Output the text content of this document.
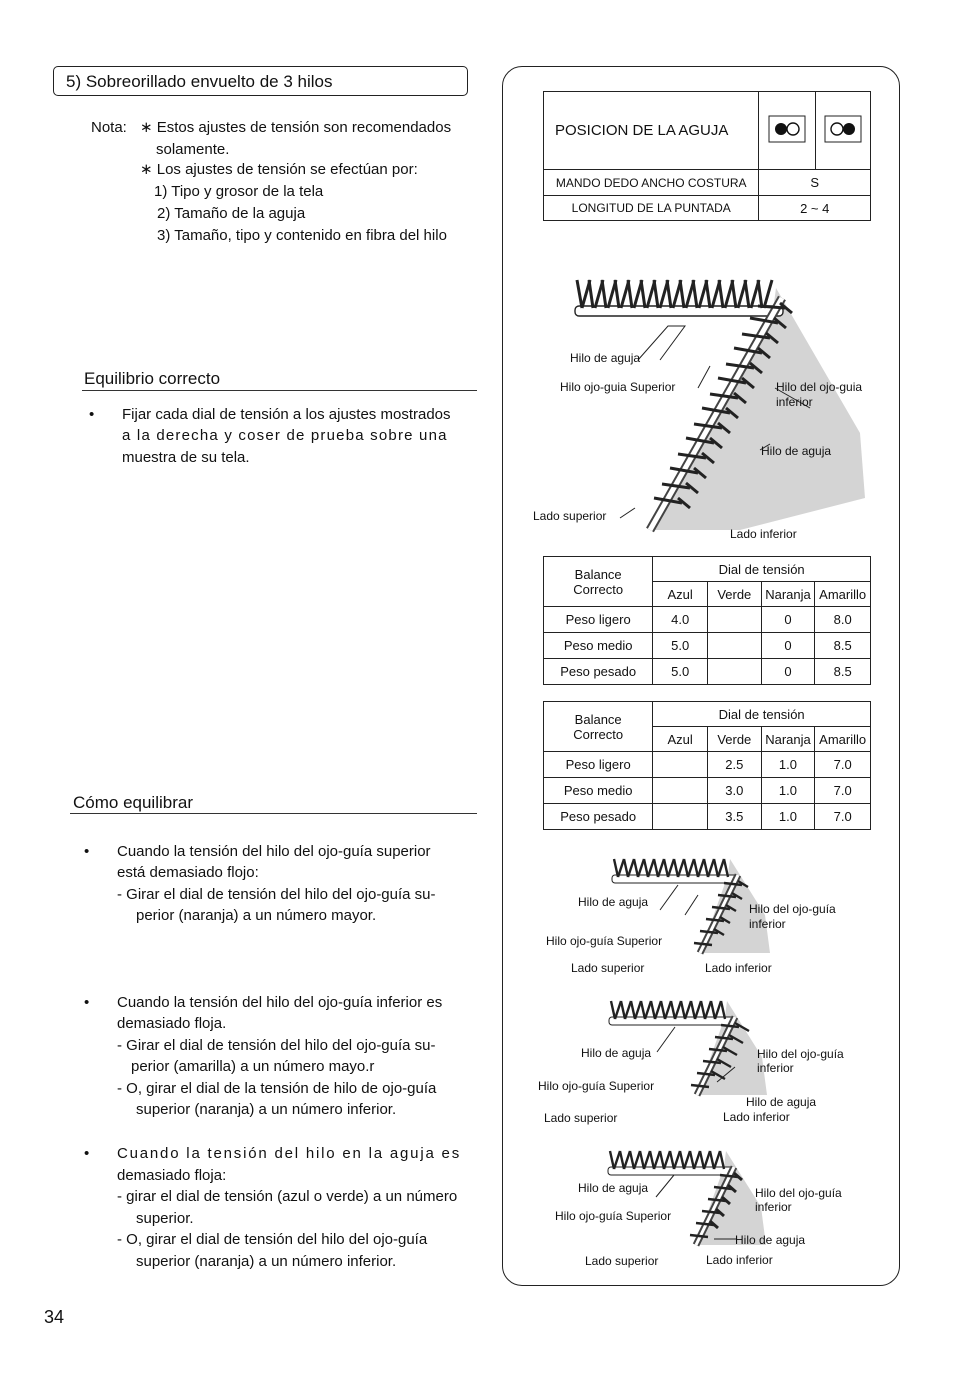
5) Sobreorillado envuelto de 3 hilos
Nota: ∗ Estos ajustes de tensión son recomendados
solamente.
∗ Los ajustes de tensión se efectúan por:
1) Tipo y grosor de la tela
2) Tamaño de la aguja
3) Tamaño, tipo y contenido en fibra del hilo
Equilibrio correcto
• Fijar cada dial de tensión a los ajustes mostrados
a la derecha y coser de prueba sobre una
muestra de su tela.
Cómo equilibrar
• Cuando la tensión del hilo del ojo-guía superior
está demasiado flojo:
- Girar el dial de tensión del hilo del ojo-guía su-
perior (naranja) a un número mayor.
• Cuando la tensión del hilo del ojo-guía inferior es
demasiado floja.
- Girar el dial de tensión del hilo del ojo-guía su-
perior (amarilla) a un número mayo.r
- O, girar el dial de la tensión de hilo de ojo-guía
superior (naranja) a un número inferior.
• Cuando la tensión del hilo en la aguja es
demasiado floja:
- girar el dial de tensión (azul o verde) a un número
superior.
- O, girar el dial de tensión del hilo del ojo-guía
superior (naranja) a un número inferior.
34
POSICION DE LA AGUJA		
MANDO DEDO ANCHO COSTURA	S	
LONGITUD DE LA PUNTADA	2 ~ 4	
Hilo de aguja
Hilo ojo-guia Superior	Hilo del ojo-guia
inferior
Hilo de aguja
Lado superior
Lado inferior
Balance
Correcto	Dial de tensión			
	Azul	Verde	Naranja	Amarillo
Peso ligero	4.0		0	8.0
Peso medio	5.0		0	8.5
Peso pesado	5.0		0	8.5
Balance
Correcto	Dial de tensión			
	Azul	Verde	Naranja	Amarillo
Peso ligero		2.5	1.0	7.0
Peso medio		3.0	1.0	7.0
Peso pesado		3.5	1.0	7.0
Hilo de aguja	Hilo del ojo-guía
inferior
Hilo ojo-guía Superior
Lado superior	Lado inferior
Hilo de aguja	Hilo del ojo-guía
inferior
Hilo ojo-guía Superior
Hilo de aguja
Lado superior	Lado inferior
Hilo de aguja	Hilo del ojo-guía
inferior
Hilo ojo-guía Superior
Hilo de aguja
Lado superior	Lado inferior
